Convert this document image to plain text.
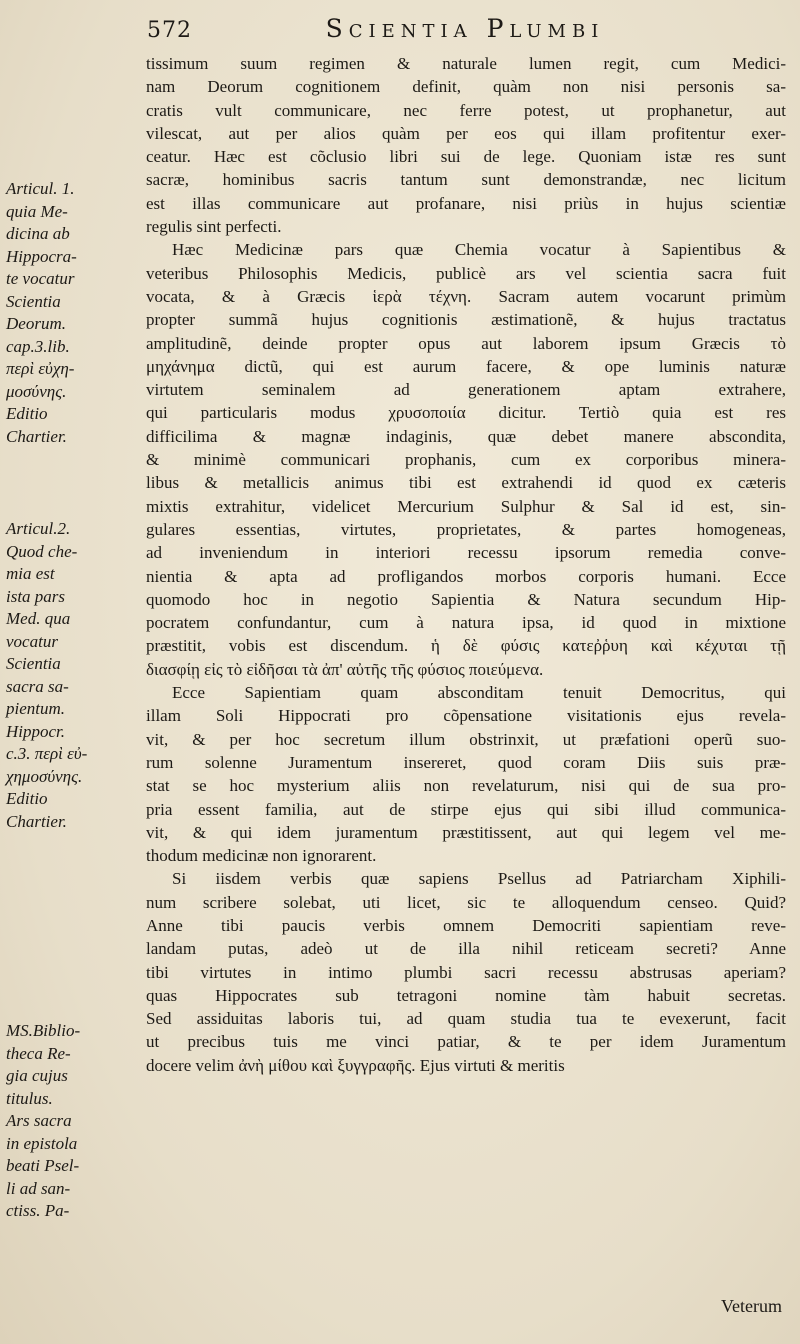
572	Scientia Plumbi
Articul. 1.
quia Me-
dicina ab
Hippocra-
te vocatur
Scientia
Deorum.
cap.3.lib.
περὶ εὐχη-
μοσύνης.
Editio
Chartier.
Articul.2.
Quod che-
mia est
ista pars
Med. qua
vocatur
Scientia
sacra sa-
pientum.
Hippocr.
c.3. περὶ εὐ-
χημοσύνης.
Editio
Chartier.
MS.Biblio-
theca Re-
gia cujus
titulus.
Ars sacra
in epistola
beati Psel-
li ad san-
ctiss. Pa-
tissimum suum regimen & naturale lumen regit, cum Medici-
nam Deorum cognitionem definit, quàm non nisi personis sa-
cratis vult communicare, nec ferre potest, ut prophanetur, aut
vilescat, aut per alios quàm per eos qui illam profitentur exer-
ceatur. Hæc est cõclusio libri sui de lege. Quoniam istæ res sunt
sacræ, hominibus sacris tantum sunt demonstrandæ, nec licitum
est illas communicare aut profanare, nisi priùs in hujus scientiæ
regulis sint perfecti.
Hæc Medicinæ pars quæ Chemia vocatur à Sapientibus &
veteribus Philosophis Medicis, publicè ars vel scientia sacra fuit
vocata, & à Græcis ἱερὰ τέχνη. Sacram autem vocarunt primùm
propter summã hujus cognitionis æstimationẽ, & hujus tractatus
amplitudinẽ, deinde propter opus aut laborem ipsum Græcis τὸ
μηχάνημα dictũ, qui est aurum facere, & ope luminis naturæ
virtutem seminalem ad generationem aptam extrahere,
qui particularis modus χρυσοποιία dicitur. Tertiò quia est res
difficilima & magnæ indaginis, quæ debet manere abscondita,
& minimè communicari prophanis, cum ex corporibus minera-
libus & metallicis animus tibi est extrahendi id quod ex cæteris
mixtis extrahitur, videlicet Mercurium Sulphur & Sal id est, sin-
gulares essentias, virtutes, proprietates, & partes homogeneas,
ad inveniendum in interiori recessu ipsorum remedia conve-
nientia & apta ad profligandos morbos corporis humani. Ecce
quomodo hoc in negotio Sapientia & Natura secundum Hip-
pocratem confundantur, cum à natura ipsa, id quod in mixtione
præstitit, vobis est discendum. ἡ δὲ φύσις κατεῤῥυη καὶ κέχυται τῇ
διασφίῃ εἰς τὸ εἰδῆσαι τὰ ἀπ' αὐτῆς τῆς φύσιος ποιεύμενα.
Ecce Sapientiam quam absconditam tenuit Democritus, qui
illam Soli Hippocrati pro cõpensatione visitationis ejus revela-
vit, & per hoc secretum illum obstrinxit, ut præfationi operũ suo-
rum solenne Juramentum insereret, quod coram Diis suis præ-
stat se hoc mysterium aliis non revelaturum, nisi qui de sua pro-
pria essent familia, aut de stirpe ejus qui sibi illud communica-
vit, & qui idem juramentum præstitissent, aut qui legem vel me-
thodum medicinæ non ignorarent.
Si iisdem verbis quæ sapiens Psellus ad Patriarcham Xiphili-
num scribere solebat, uti licet, sic te alloquendum censeo. Quid?
Anne tibi paucis verbis omnem Democriti sapientiam reve-
landam putas, adeò ut de illa nihil reticeam secreti? Anne
tibi virtutes in intimo plumbi sacri recessu abstrusas aperiam?
quas Hippocrates sub tetragoni nomine tàm habuit secretas.
Sed assiduitas laboris tui, ad quam studia tua te evexerunt, facit
ut precibus tuis me vinci patiar, & te per idem Juramentum
docere velim ἀνὴ μίθου καὶ ξυγγραφῆς. Ejus virtuti & meritis
Veterum
